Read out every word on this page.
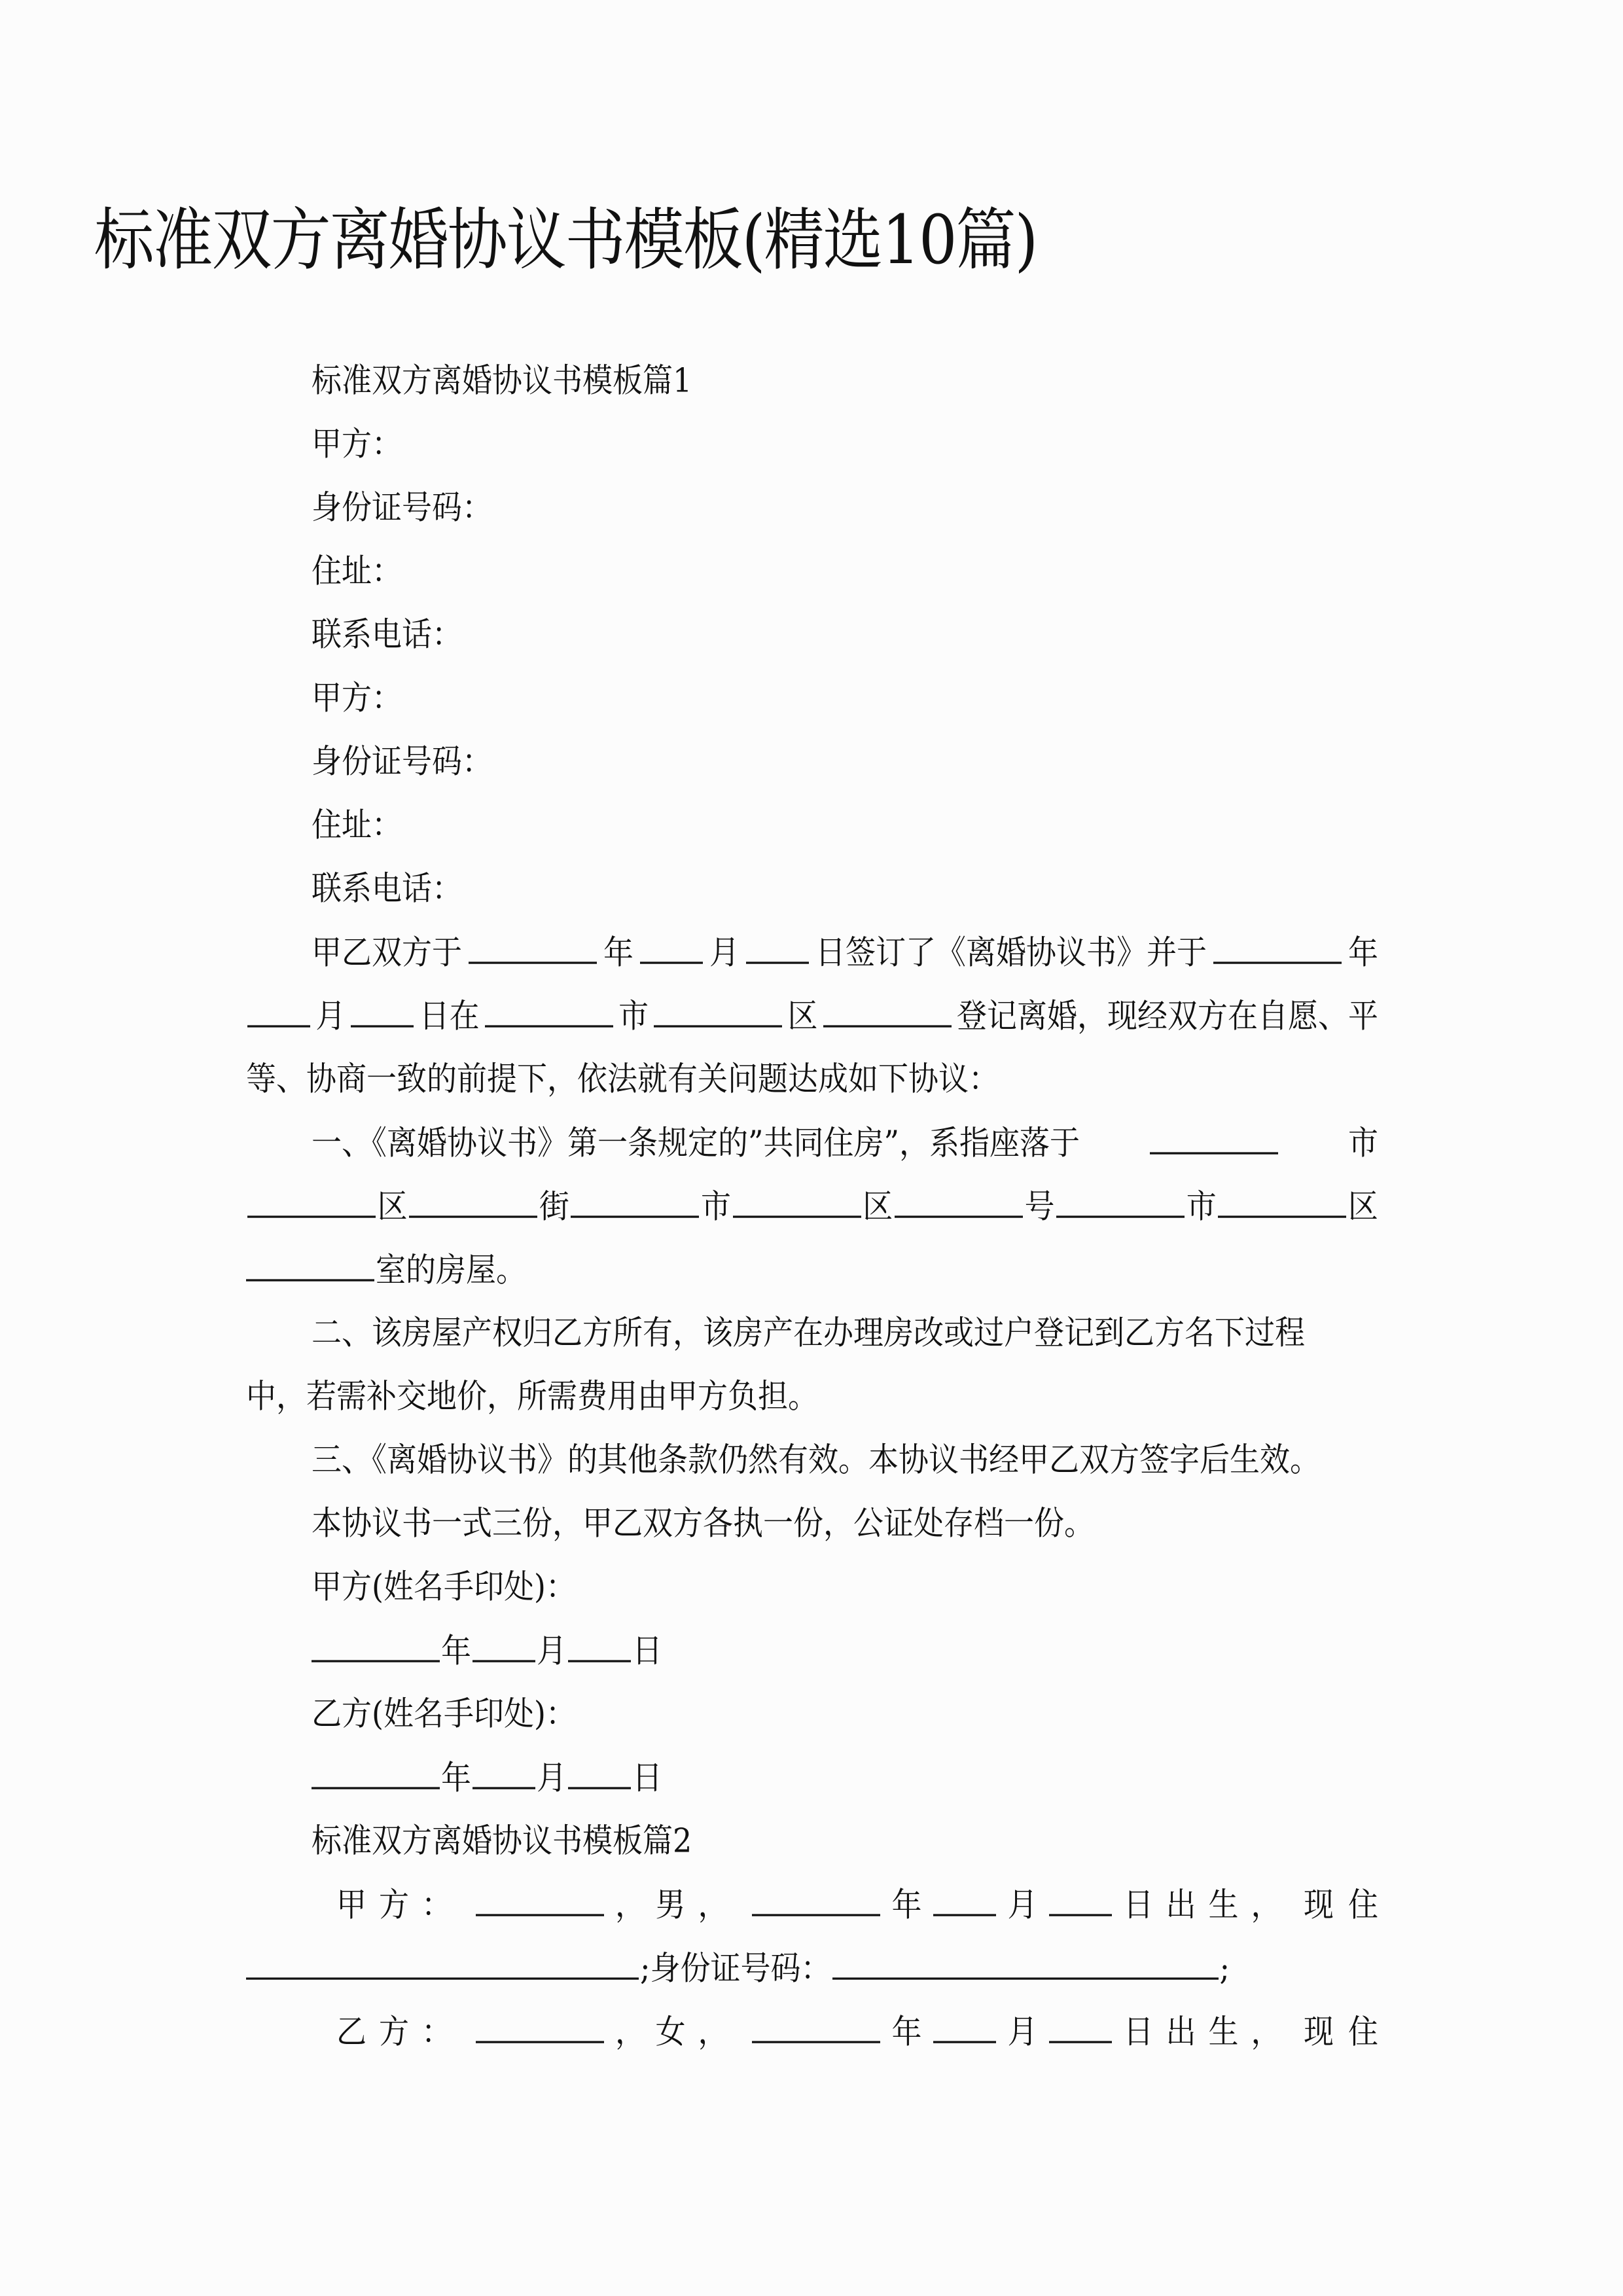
标准双方离婚协议书模板(精选10篇)
标准双方离婚协议书模板篇1
甲方：
身份证号码：
住址：
联系电话：
甲方：
身份证号码：
住址：
联系电话：
甲乙双方于	年	月	日签订了《离婚协议书》并于	年
月 日在	市	区	登记离婚，现经双方在自愿、平
等、协商一致的前提下，依法就有关问题达成如下协议：
一、《离婚协议书》第一条规定的”共同住房”，系指座落于	市
区	街	市	区	号	市	区
室的房屋。
二、该房屋产权归乙方所有，该房产在办理房改或过户登记到乙方名下过程
中，若需补交地价，所需费用由甲方负担。
三、《离婚协议书》的其他条款仍然有效。本协议书经甲乙双方签字后生效。
本协议书一式三份，甲乙双方各执一份，公证处存档一份。
甲方(姓名手印处)：
年 月 日
乙方(姓名手印处)：
年 月 日
标准双方离婚协议书模板篇2
甲方：	， 男，	年	月	日出生， 现住
;身份证号码：	;
乙方：	， 女，	年	月	日出生， 现住
